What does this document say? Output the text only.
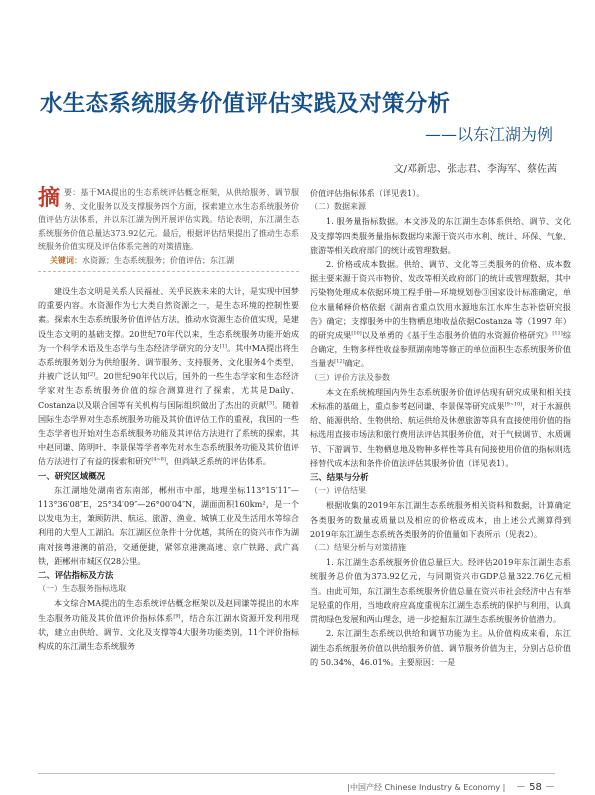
水生态系统服务价值评估实践及对策分析
——以东江湖为例
文/邓新忠、张志君、李海军、蔡佐茜
摘 要：基于MA提出的生态系统评估概念框架，从供给服务、调节服务、文化服务以及支撑服务四个方面，探索建立水生态系统服务价值评估方法体系，并以东江湖为例开展评估实践。结论表明，东江湖生态系统服务价值总量达373.92亿元。最后，根据评估结果提出了推动生态系统服务价值实现及评估体系完善的对策措施。
关键词：水资源；生态系统服务；价值评估；东江湖

建设生态文明是关系人民福祉、关乎民族未来的大计，是实现中国梦的重要内容。水资源作为七大类自然资源之一，是生态环境的控制性要素。探索水生态系统服务价值评估方法，推动水资源生态价值实现，是建设生态文明的基础支撑。20世纪70年代以来，生态系统服务功能开始成为一个科学术语及生态学与生态经济学研究的分支[1]。其中MA提出将生态系统服务划分为供给服务、调节服务、支持服务、文化服务4个类型，并被广泛认知[2]。20世纪90年代以后，国外的一些生态学家和生态经济学家对生态系统服务价值的综合测算进行了探索，尤其是Daily、Costanza以及联合国等有关机构与国际组织做出了杰出的贡献[3]。随着国际生态学界对生态系统服务功能及其价值评估工作的重视，我国的一些生态学者也开始对生态系统服务功能及其评估方法进行了系统的探索，其中赵同谦、陈明叶、李景保等学者率先对水生态系统服务功能及其价值评估方法进行了有益的探索和研究[4~8]，但尚缺乏系统的评估体系。

一、研究区域概况

东江湖地处湖南省东南部，郴州市中部，地理坐标113°15′11″—113°36′08″E，25°34′09″—26°00′04″N，湖面面积160km²，是一个以发电为主，兼顾防洪、航运、旅游、渔业、城镇工业及生活用水等综合利用的大型人工湖泊。东江湖区位条件十分优越，其所在的资兴市作为湖南对接粤港澳的前沿，交通便捷，紧邻京港澳高速、京广铁路、武广高铁，距郴州市城区仅28公里。

二、评估指标及方法

（一）生态服务指标选取

本文综合MA提出的生态系统评估概念框架以及赵同谦等提出的水库生态服务功能及其价值评价指标体系[9]，结合东江湖水资源开发利用现状，建立由供给、调节、文化及支撑等4大服务功能类别，11个评价指标构成的东江湖生态系统服务

价值评估指标体系（详见表1）。

（二）数据来源

1. 服务量指标数据。本文涉及的东江湖生态体系供给、调节、文化及支撑等四类服务量指标数据均来源于资兴市水利、统计、环保、气象、旅游等相关政府部门的统计或管理数据。

2. 价格或成本数据。供给、调节、文化等三类服务的价格、成本数据主要来源于资兴市物价、发改等相关政府部门的统计或管理数据，其中污染物处理成本依据环境工程手册—环境规划卷③国家设计标准确定，单位水量稀释价格依据《湖南省重点饮用水源地东江水库生态补偿研究报告》确定；支撑服务中的生物栖息地收益依据Costanza 等（1997 年）的研究成果[10]以及单勇的《基于生态服务价值的水资源价格研究》[11]综合确定，生物多样性收益参照湖南地等修正的单位面积生态系统服务价值当量表[12]确定。

（三）评价方法及参数

本文在系统梳理国内外生态系统服务价值评估现有研究成果和相关技术标准的基础上，重点参考赵同谦、李景保等研究成果[9~10]，对于水源供给、能源供给、生物供给、航运供给及休憩旅游等具有直接使用价值的指标选用直接市场法和旅行费用法评估其服务价值，对于气候调节、水质调节、下游调节、生物栖息地及物种多样性等具有间接使用价值的指标则选择替代成本法和条件价值法评估其服务价值（详见表1）。

三、结果与分析

（一）评估结果

根据收集的2019年东江湖生态系统服务相关资料和数据，计算确定各类服务的数量或质量以及相应的价格或成本，由上述公式测算得到2019年东江湖生态系统各类服务的价值量如下表所示（见表2）。

（二）结果分析与对策措施

1. 东江湖生态系统服务价值总量巨大。经评估2019年东江湖生态系统服务总价值为373.92亿元，与同期资兴市GDP总量322.76亿元相当。由此可知，东江湖生态系统服务价值总量在资兴市社会经济中占有举足轻重的作用，当地政府应高度重视东江湖生态系统的保护与利用，认真贯彻绿色发展和两山理念，进一步挖掘东江湖生态系统服务价值潜力。

2. 东江湖生态系统以供给和调节功能为主。从价值构成来看，东江湖生态系统服务价值以供给服务价值、调节服务价值为主，分别占总价值的 50.34%、46.01%。主要原因：一是

|中国产经 Chinese Industry & Economy | － 58 －
